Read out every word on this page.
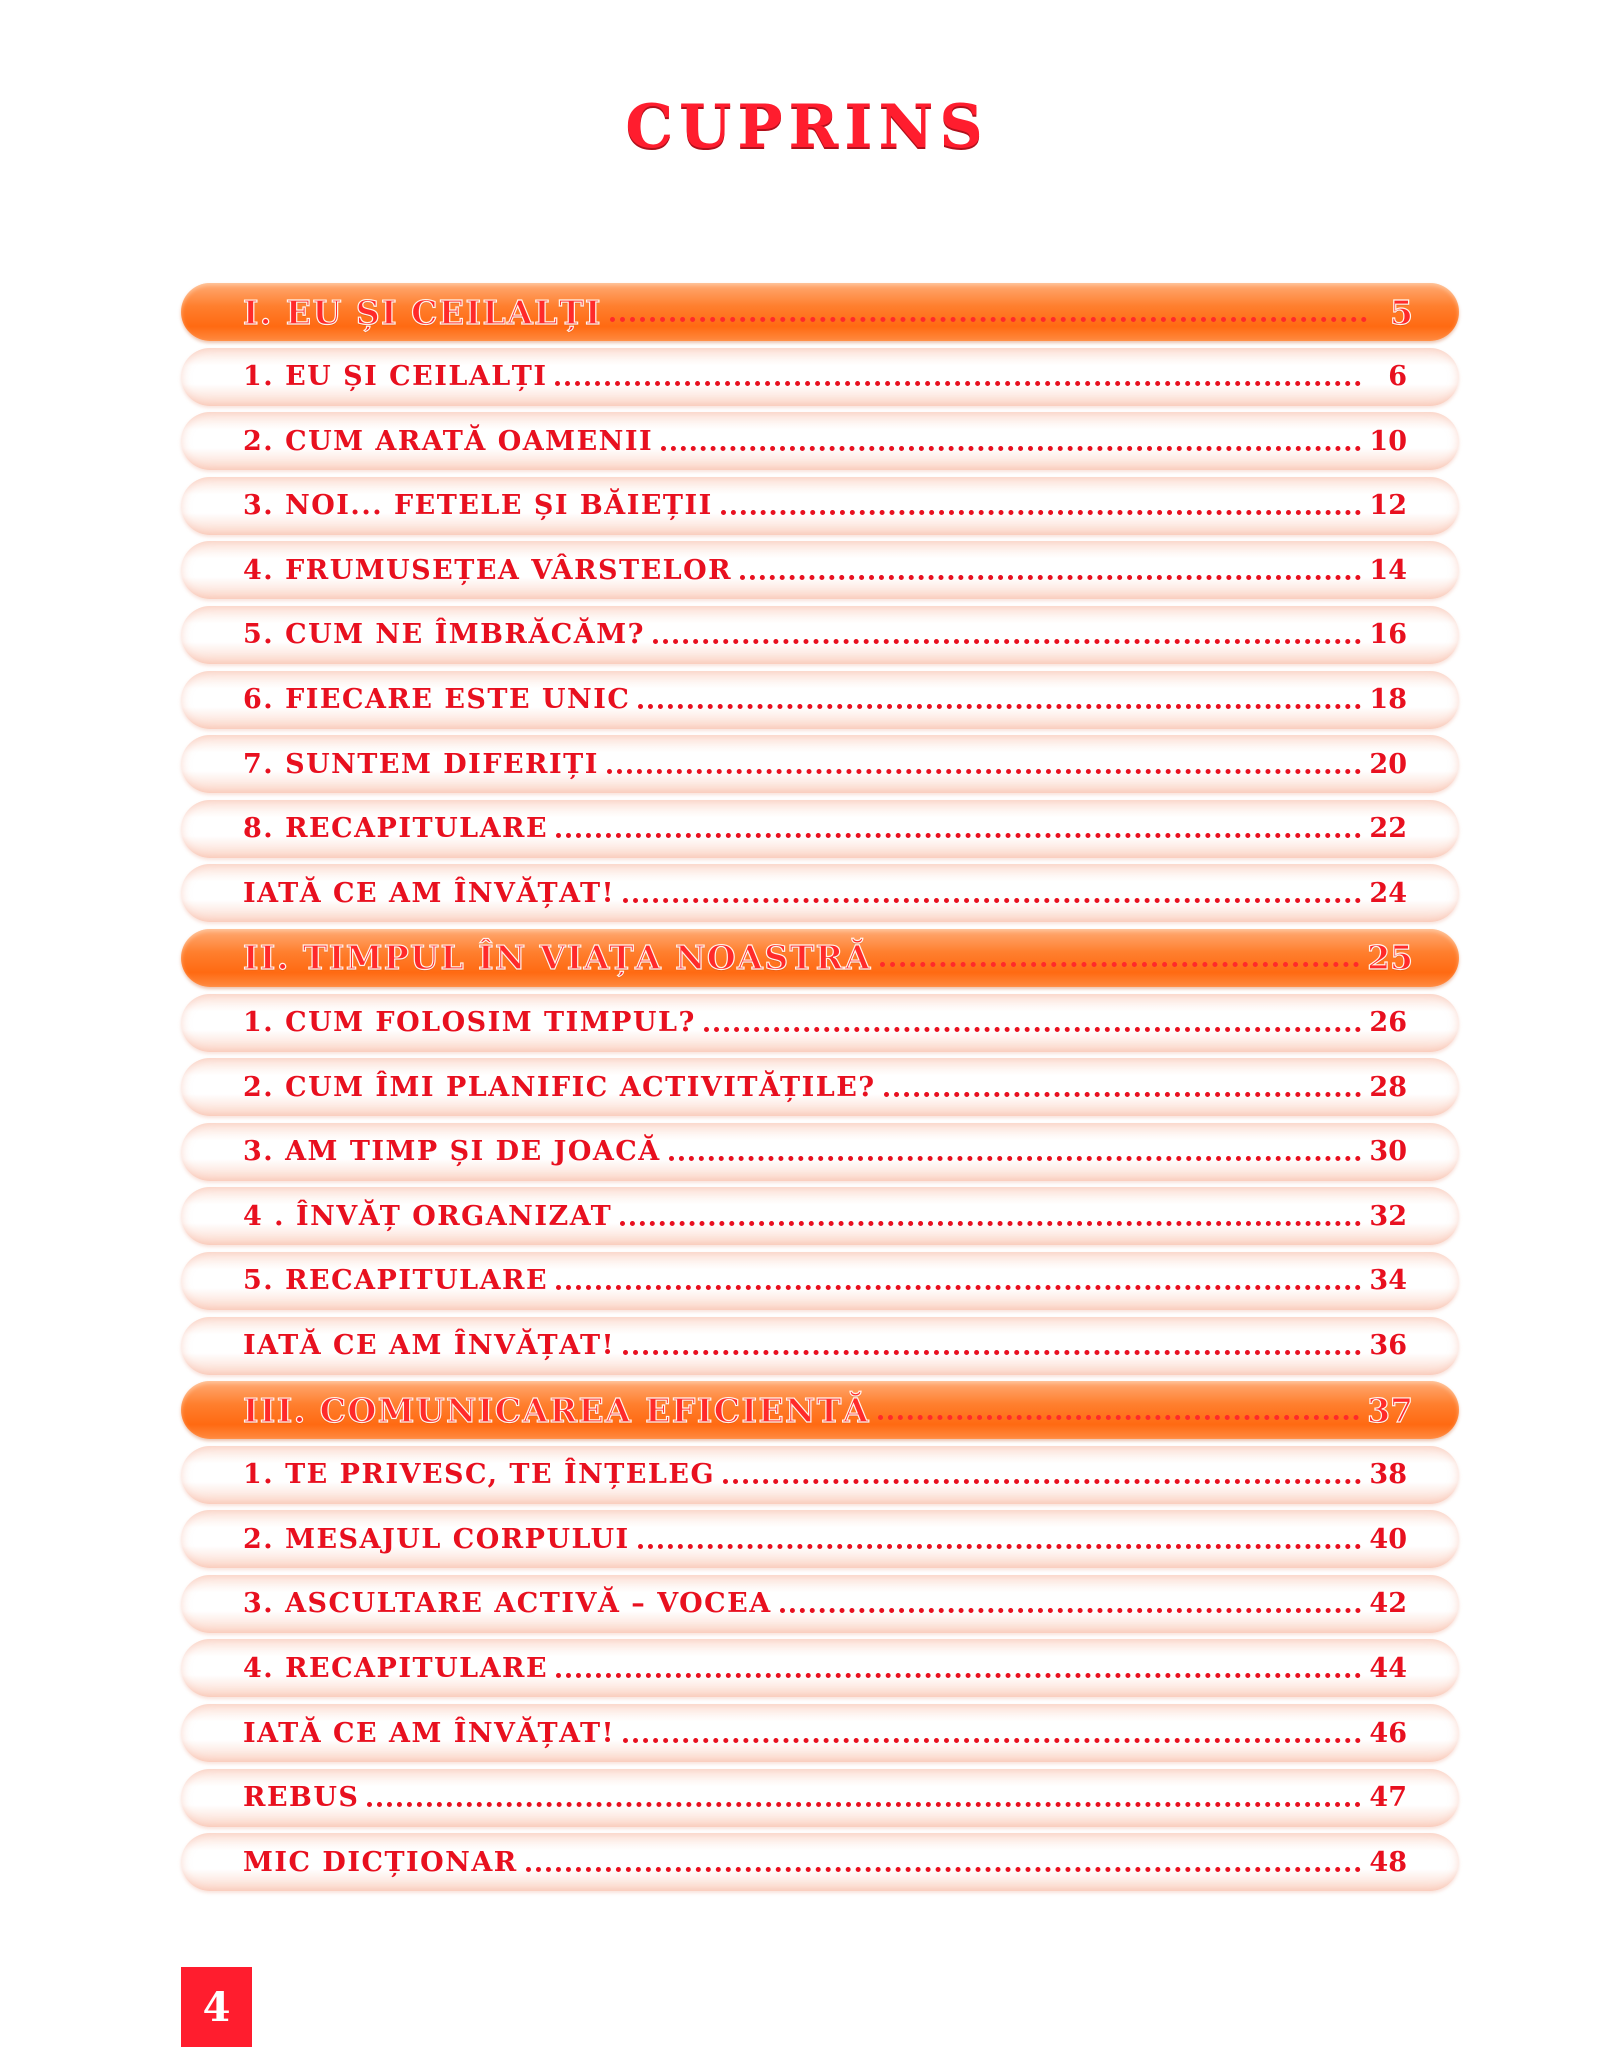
CUPRINS
I. EU ȘI CEILALȚI	5
1. EU ȘI CEILALȚI	6
2. CUM ARATĂ OAMENII	10
3. NOI... FETELE ȘI BĂIEȚII	12
4. FRUMUSEȚEA VÂRSTELOR	14
5. CUM NE ÎMBRĂCĂM?	16
6. FIECARE ESTE UNIC	18
7. SUNTEM DIFERIȚI	20
8. RECAPITULARE	22
IATĂ CE AM ÎNVĂȚAT!	24
II. TIMPUL ÎN VIAȚA NOASTRĂ	25
1. CUM FOLOSIM TIMPUL?	26
2. CUM ÎMI PLANIFIC ACTIVITĂȚILE?	28
3. AM TIMP ȘI DE JOACĂ	30
4 . ÎNVĂȚ ORGANIZAT	32
5. RECAPITULARE	34
IATĂ CE AM ÎNVĂȚAT!	36
III. COMUNICAREA EFICIENTĂ	37
1. TE PRIVESC, TE ÎNȚELEG	38
2. MESAJUL CORPULUI	40
3. ASCULTARE ACTIVĂ – VOCEA	42
4. RECAPITULARE	44
IATĂ CE AM ÎNVĂȚAT!	46
REBUS	47
MIC DICȚIONAR	48
4
